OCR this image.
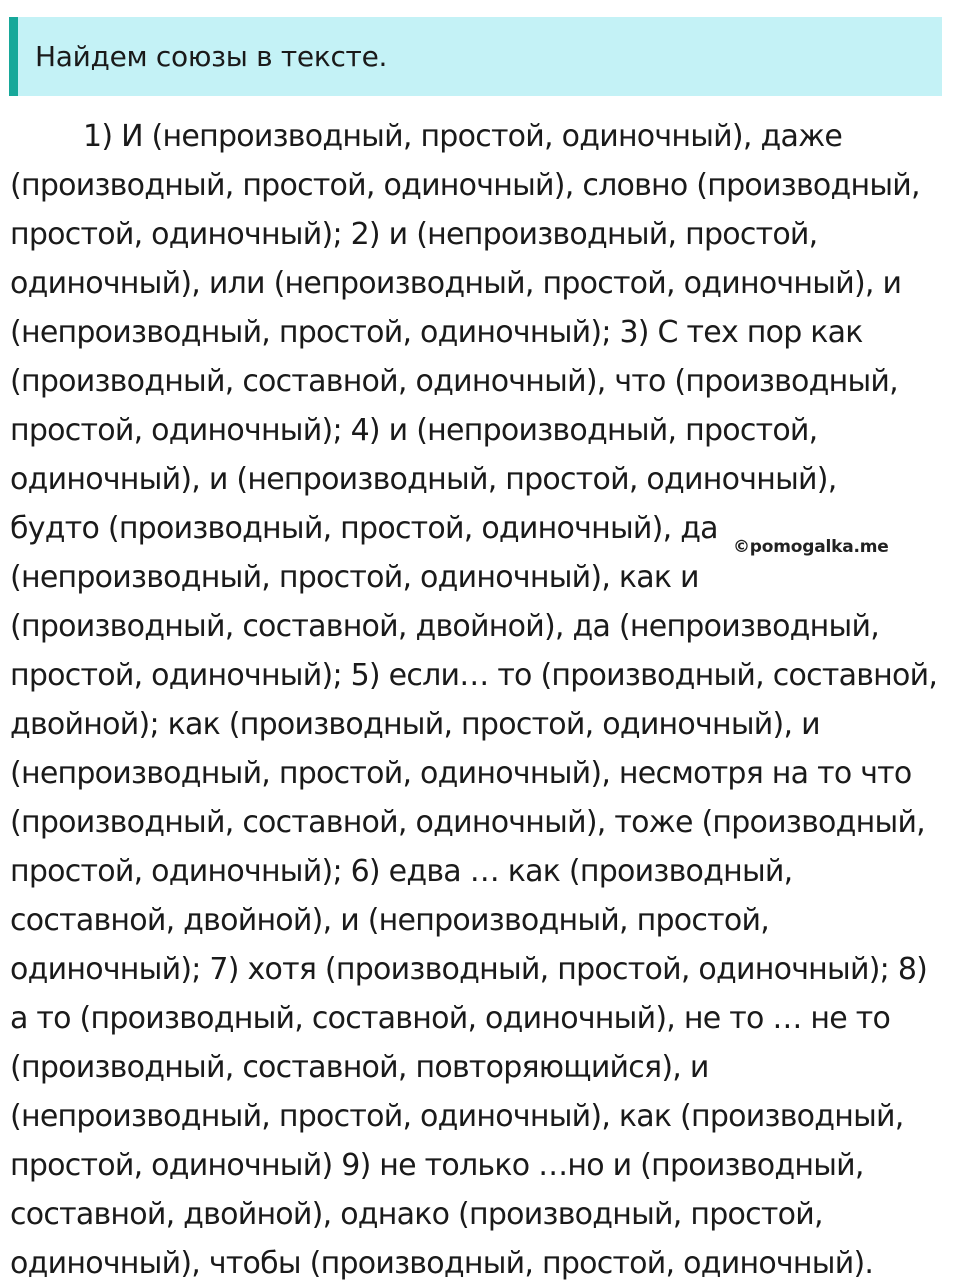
Найдем союзы в тексте.
1) И (непроизводный, простой, одиночный), даже
(производный, простой, одиночный), словно (производный,
простой, одиночный); 2) и (непроизводный, простой,
одиночный), или (непроизводный, простой, одиночный), и
(непроизводный, простой, одиночный); 3) С тех пор как
(производный, составной, одиночный), что (производный,
простой, одиночный); 4) и (непроизводный, простой,
одиночный), и (непроизводный, простой, одиночный),
будто (производный, простой, одиночный), да
(непроизводный, простой, одиночный), как и
(производный, составной, двойной), да (непроизводный,
простой, одиночный); 5) если… то (производный, составной,
двойной); как (производный, простой, одиночный), и
(непроизводный, простой, одиночный), несмотря на то что
(производный, составной, одиночный), тоже (производный,
простой, одиночный); 6) едва … как (производный,
составной, двойной), и (непроизводный, простой,
одиночный); 7) хотя (производный, простой, одиночный); 8)
а то (производный, составной, одиночный), не то … не то
(производный, составной, повторяющийся), и
(непроизводный, простой, одиночный), как (производный,
простой, одиночный) 9) не только …но и (производный,
составной, двойной), однако (производный, простой,
одиночный), чтобы (производный, простой, одиночный).
©pomogalka.me
